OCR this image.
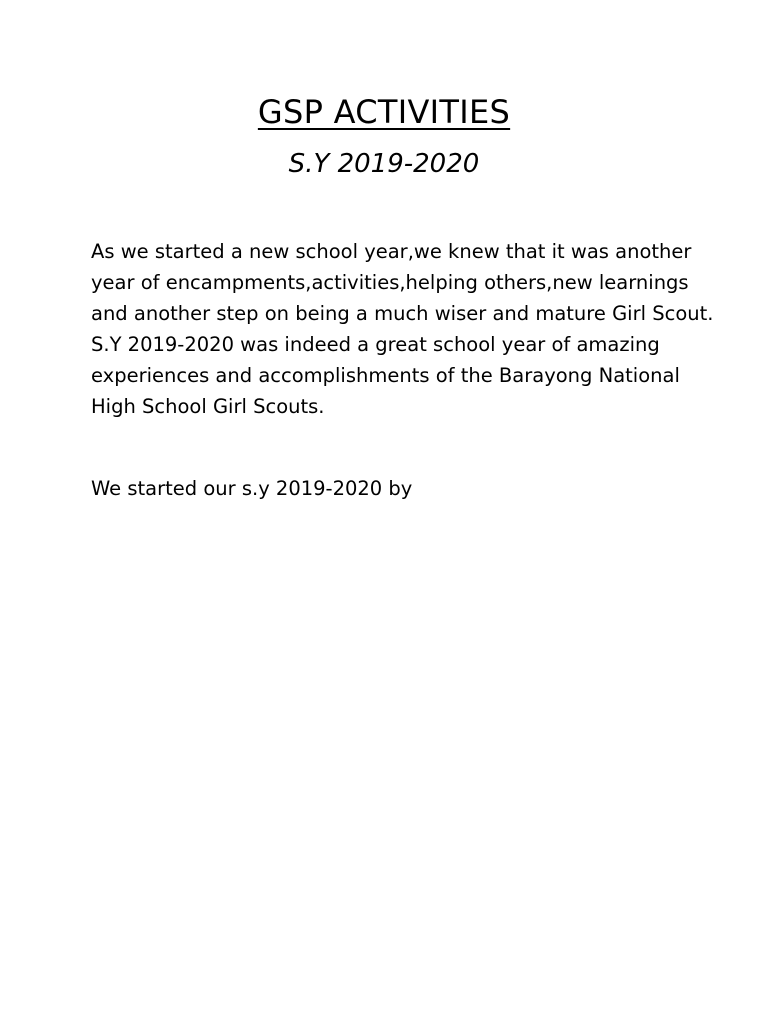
GSP ACTIVITIES
S.Y 2019-2020

As we started a new school year,we knew that it was another
year of encampments,activities,helping others,new learnings
and another step on being a much wiser and mature Girl Scout.
S.Y 2019-2020 was indeed a great school year of amazing
experiences and accomplishments of the Barayong National
High School Girl Scouts.

We started our s.y 2019-2020 by
